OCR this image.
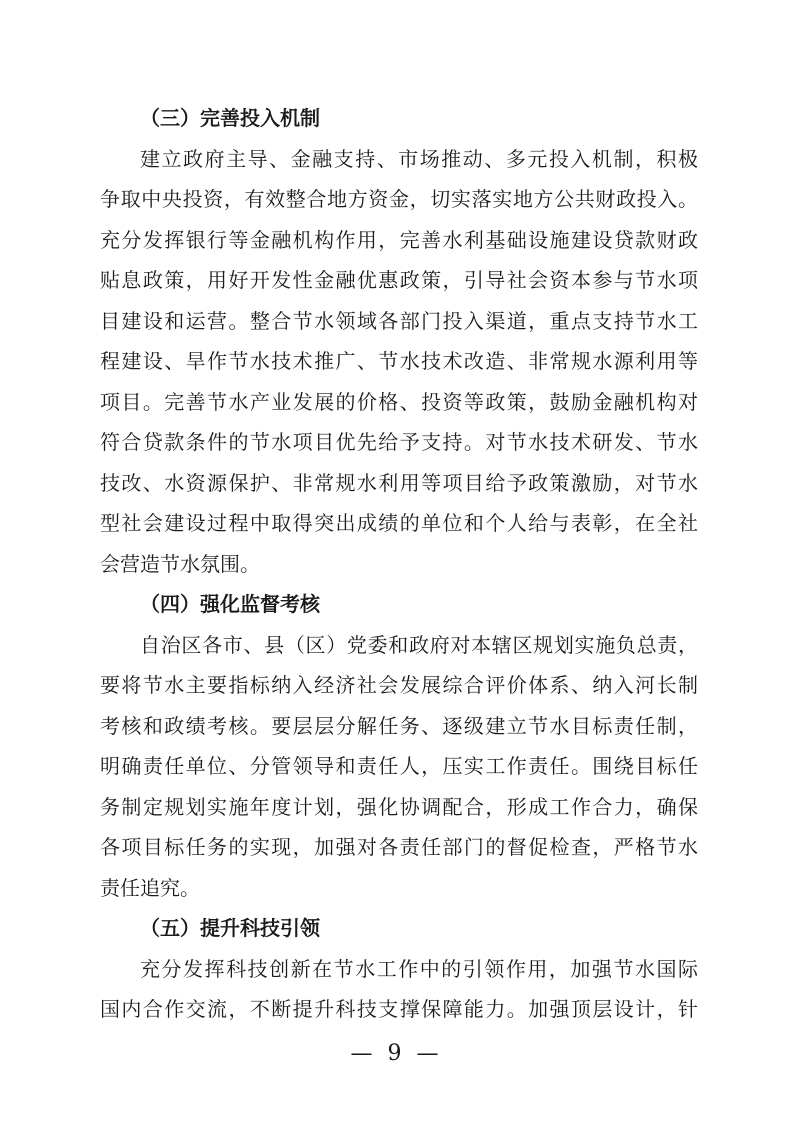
（三）完善投入机制

建立政府主导、金融支持、市场推动、多元投入机制，积极
争取中央投资，有效整合地方资金，切实落实地方公共财政投入。
充分发挥银行等金融机构作用，完善水利基础设施建设贷款财政
贴息政策，用好开发性金融优惠政策，引导社会资本参与节水项
目建设和运营。整合节水领域各部门投入渠道，重点支持节水工
程建设、旱作节水技术推广、节水技术改造、非常规水源利用等
项目。完善节水产业发展的价格、投资等政策，鼓励金融机构对
符合贷款条件的节水项目优先给予支持。对节水技术研发、节水
技改、水资源保护、非常规水利用等项目给予政策激励，对节水
型社会建设过程中取得突出成绩的单位和个人给与表彰，在全社
会营造节水氛围。

（四）强化监督考核

自治区各市、县（区）党委和政府对本辖区规划实施负总责，
要将节水主要指标纳入经济社会发展综合评价体系、纳入河长制
考核和政绩考核。要层层分解任务、逐级建立节水目标责任制，
明确责任单位、分管领导和责任人，压实工作责任。围绕目标任
务制定规划实施年度计划，强化协调配合，形成工作合力，确保
各项目标任务的实现，加强对各责任部门的督促检查，严格节水
责任追究。

（五）提升科技引领

充分发挥科技创新在节水工作中的引领作用，加强节水国际
国内合作交流，不断提升科技支撑保障能力。加强顶层设计，针

— 9 —
